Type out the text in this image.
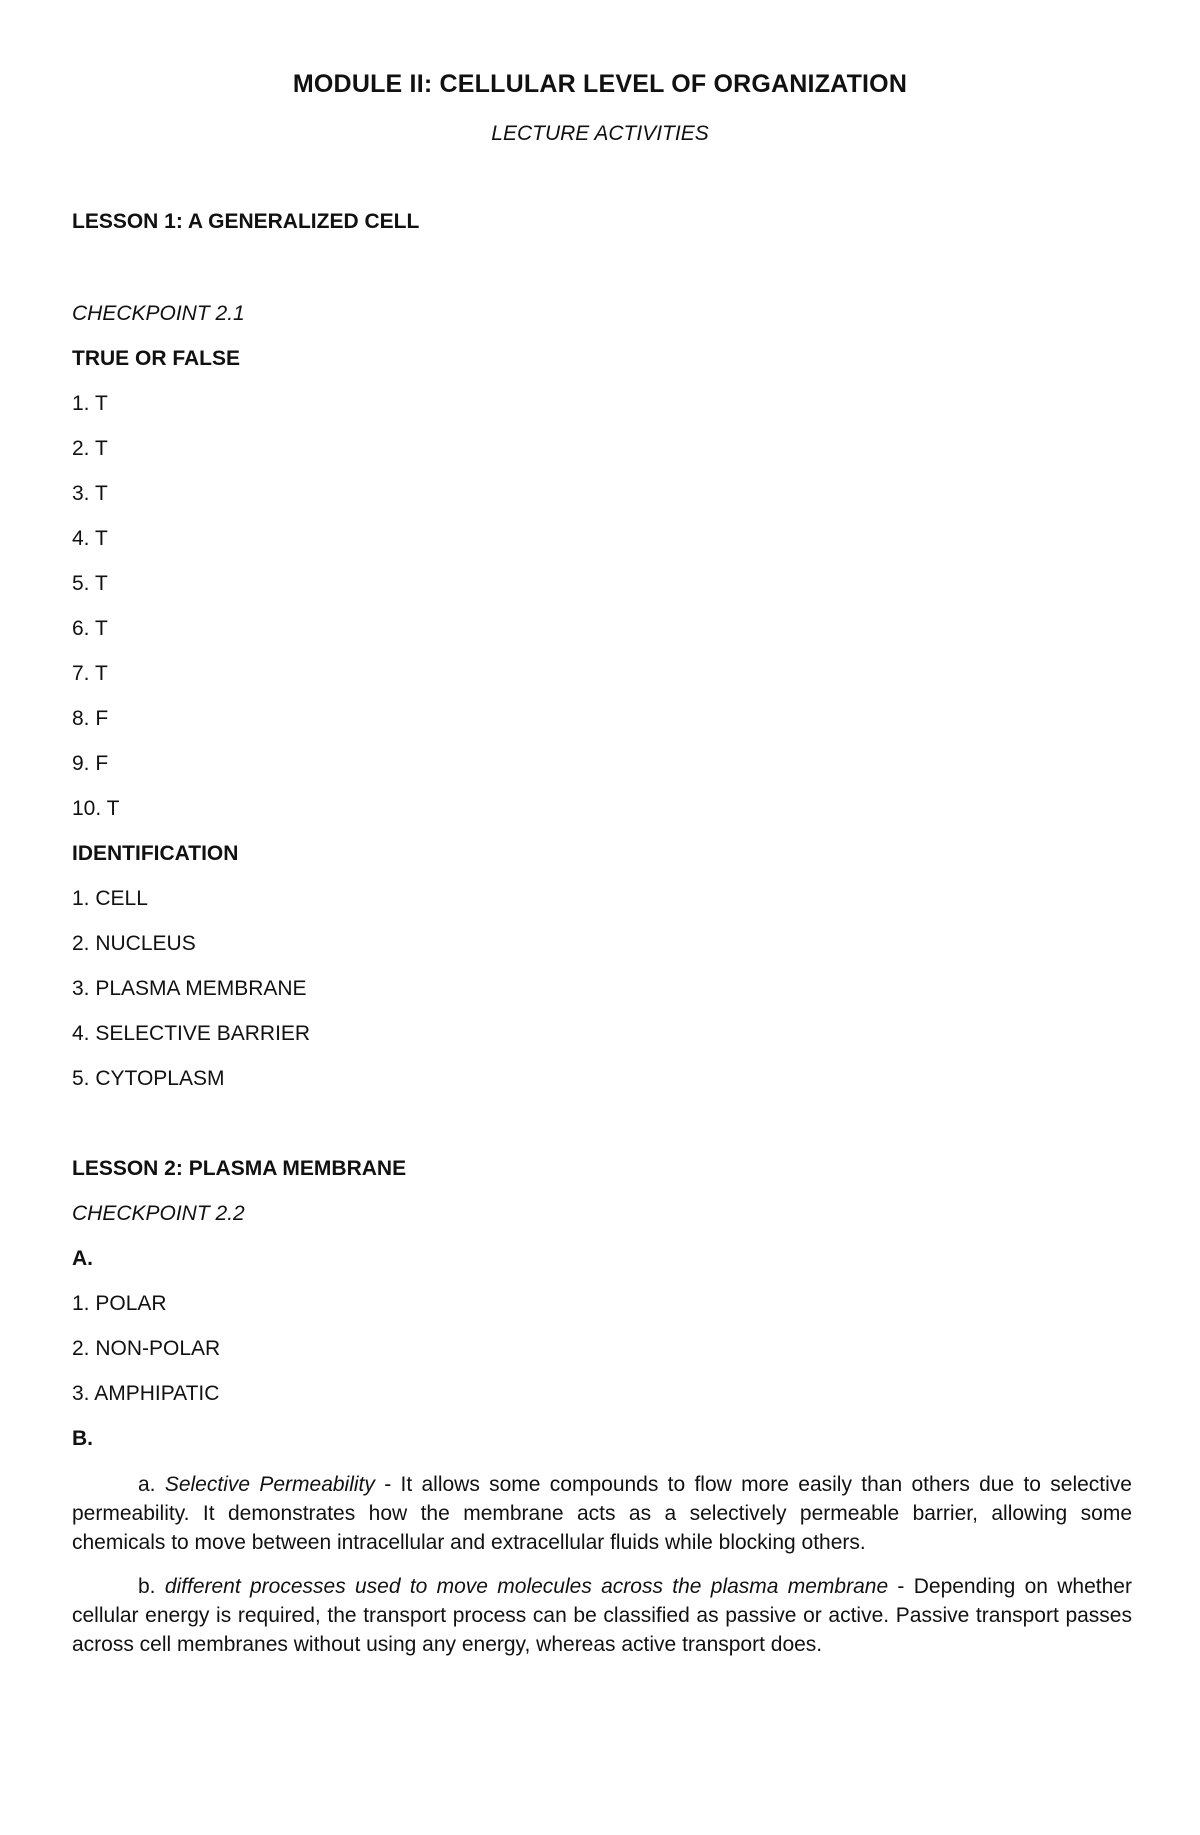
MODULE II: CELLULAR LEVEL OF ORGANIZATION
LECTURE ACTIVITIES
LESSON 1: A GENERALIZED CELL
CHECKPOINT 2.1
TRUE OR FALSE
1. T
2. T
3. T
4. T
5. T
6. T
7. T
8. F
9. F
10. T
IDENTIFICATION
1. CELL
2. NUCLEUS
3. PLASMA MEMBRANE
4. SELECTIVE BARRIER
5. CYTOPLASM
LESSON 2: PLASMA MEMBRANE
CHECKPOINT 2.2
A.
1. POLAR
2. NON-POLAR
3. AMPHIPATIC
B.
a. Selective Permeability - It allows some compounds to flow more easily than others due to selective permeability. It demonstrates how the membrane acts as a selectively permeable barrier, allowing some chemicals to move between intracellular and extracellular fluids while blocking others.
b. different processes used to move molecules across the plasma membrane - Depending on whether cellular energy is required, the transport process can be classified as passive or active. Passive transport passes across cell membranes without using any energy, whereas active transport does.
